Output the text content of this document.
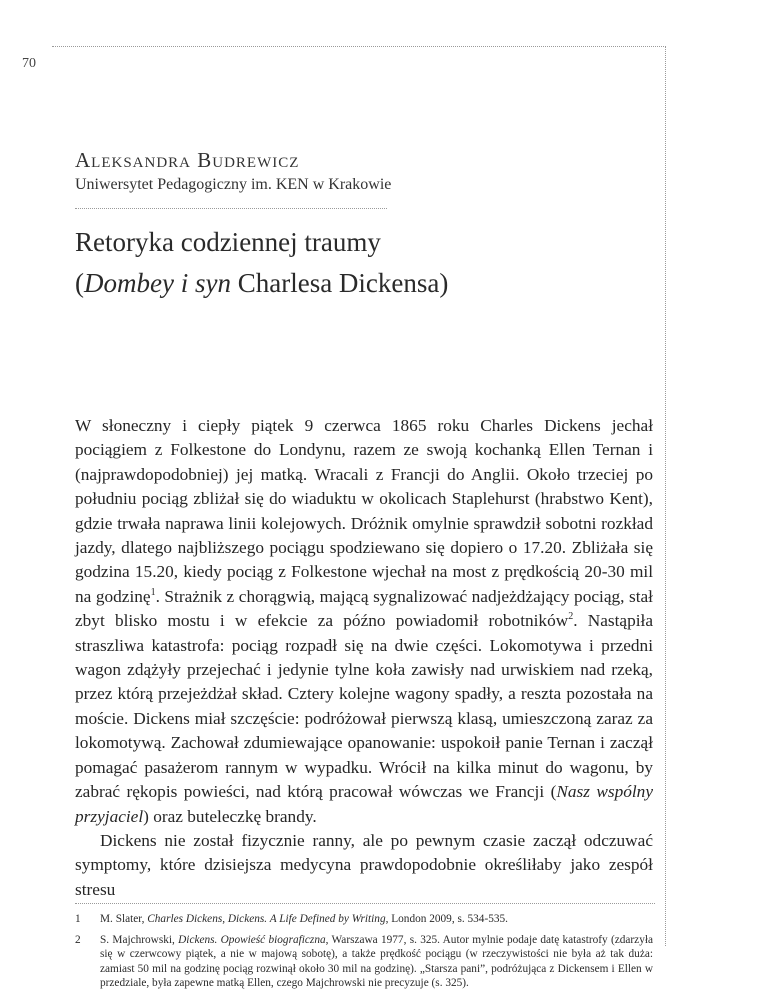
70
Aleksandra Budrewicz
Uniwersytet Pedagogiczny im. KEN w Krakowie
Retoryka codziennej traumy
(Dombey i syn Charlesa Dickensa)

W słoneczny i ciepły piątek 9 czerwca 1865 roku Charles Dickens jechał pociągiem z Folkestone do Londynu, razem ze swoją kochanką Ellen Ternan i (najprawdopodobniej) jej matką. Wracali z Francji do Anglii. Około trzeciej po południu pociąg zbliżał się do wiaduktu w okolicach Staplehurst (hrabstwo Kent), gdzie trwała naprawa linii kolejowych. Dróżnik omylnie sprawdził sobotni rozkład jazdy, dlatego najbliższego pociągu spodziewano się dopiero o 17.20. Zbliżała się godzina 15.20, kiedy pociąg z Folkestone wjechał na most z prędkością 20-30 mil na godzinę$^1$. Strażnik z chorągwią, mającą sygnalizować nadjeżdżający pociąg, stał zbyt blisko mostu i w efekcie za późno powiadomił robotników$^2$. Nastąpiła straszliwa katastrofa: pociąg rozpadł się na dwie części. Lokomotywa i przedni wagon zdążyły przejechać i jedynie tylne koła zawisły nad urwiskiem nad rzeką, przez którą przejeżdżał skład. Cztery kolejne wagony spadły, a reszta pozostała na moście. Dickens miał szczęście: podróżował pierwszą klasą, umieszczoną zaraz za lokomotywą. Zachował zdumiewające opanowanie: uspokoił panie Ternan i zaczął pomagać pasażerom rannym w wypadku. Wrócił na kilka minut do wagonu, by zabrać rękopis powieści, nad którą pracował wówczas we Francji (Nasz wspólny przyjaciel) oraz buteleczkę brandy.

Dickens nie został fizycznie ranny, ale po pewnym czasie zaczął odczuwać symptomy, które dzisiejsza medycyna prawdopodobnie określiłaby jako zespół stresu

1 M. Slater, Charles Dickens, Dickens. A Life Defined by Writing, London 2009, s. 534-535.
2 S. Majchrowski, Dickens. Opowieść biograficzna, Warszawa 1977, s. 325. Autor mylnie podaje datę katastrofy (zdarzyła się w czerwcowy piątek, a nie w majową sobotę), a także prędkość pociągu (w rzeczywistości nie była aż tak duża: zamiast 50 mil na godzinę pociąg rozwinął około 30 mil na godzinę). „Starsza pani”, podróżująca z Dickensem i Ellen w przedziale, była zapewne matką Ellen, czego Majchrowski nie precyzuje (s. 325).
